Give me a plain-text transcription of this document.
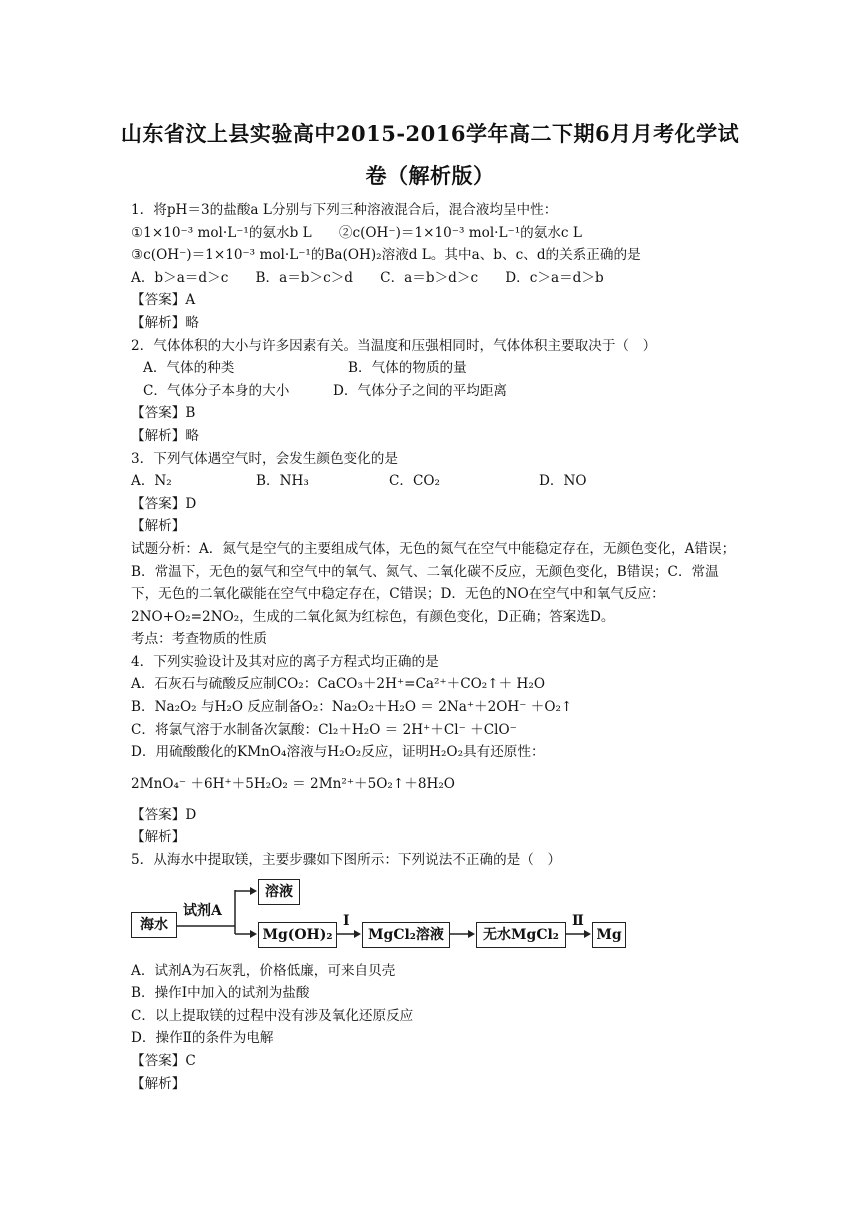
山东省汶上县实验高中2015-2016学年高二下期6月月考化学试
卷（解析版）
1．将pH＝3的盐酸a L分别与下列三种溶液混合后，混合液均呈中性：
①1×10⁻³ mol·L⁻¹的氨水b L　　②c(OH⁻)＝1×10⁻³ mol·L⁻¹的氨水c L
③c(OH⁻)＝1×10⁻³ mol·L⁻¹的Ba(OH)₂溶液d L。其中a、b、c、d的关系正确的是
A．b＞a＝d＞c　　B．a＝b＞c＞d　　C．a＝b＞d＞c　　D．c＞a＝d＞b
【答案】A
【解析】略
2．气体体积的大小与许多因素有关。当温度和压强相同时，气体体积主要取决于（　）
A．气体的种类	B．气体的物质的量
C．气体分子本身的大小	D．气体分子之间的平均距离
【答案】B
【解析】略
3．下列气体遇空气时，会发生颜色变化的是
A．N₂	B．NH₃	C．CO₂	D．NO
【答案】D
【解析】
试题分析：A．氮气是空气的主要组成气体，无色的氮气在空气中能稳定存在，无颜色变化，A错误；B．常温下，无色的氨气和空气中的氧气、氮气、二氧化碳不反应，无颜色变化，B错误；C．常温下，无色的二氧化碳能在空气中稳定存在，C错误；D．无色的NO在空气中和氧气反应：2NO+O₂=2NO₂，生成的二氧化氮为红棕色，有颜色变化，D正确；答案选D。
考点：考查物质的性质
4．下列实验设计及其对应的离子方程式均正确的是
A．石灰石与硫酸反应制CO₂：CaCO₃＋2H⁺=Ca²⁺＋CO₂↑＋ H₂O
B．Na₂O₂ 与H₂O 反应制备O₂：Na₂O₂＋H₂O ＝ 2Na⁺＋2OH⁻ ＋O₂↑
C．将氯气溶于水制备次氯酸：Cl₂＋H₂O ＝ 2H⁺＋Cl⁻ ＋ClO⁻
D．用硫酸酸化的KMnO₄溶液与H₂O₂反应，证明H₂O₂具有还原性：
2MnO₄⁻ ＋6H⁺＋5H₂O₂ ＝ 2Mn²⁺＋5O₂↑＋8H₂O
【答案】D
【解析】
5．从海水中提取镁，主要步骤如下图所示：下列说法不正确的是（　）
海水
试剂A
溶液
Mg(OH)₂
Ⅰ
MgCl₂溶液	无水MgCl₂
Ⅱ
Mg
A．试剂A为石灰乳，价格低廉，可来自贝壳
B．操作Ⅰ中加入的试剂为盐酸
C．以上提取镁的过程中没有涉及氧化还原反应
D．操作Ⅱ的条件为电解
【答案】C
【解析】
